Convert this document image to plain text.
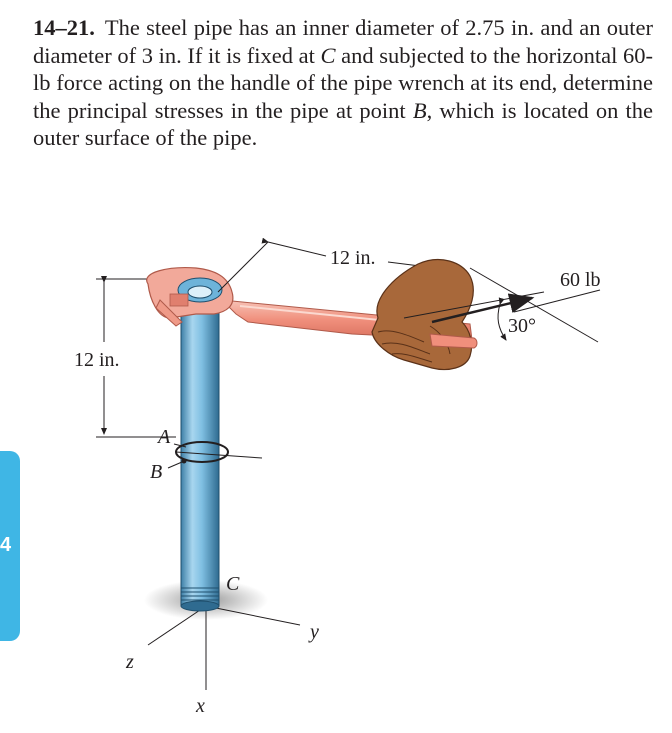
4
14–21. The steel pipe has an inner diameter of 2.75 in. and an outer diameter of 3 in. If it is fixed at C and subjected to the horizontal 60-lb force acting on the handle of the pipe wrench at its end, determine the principal stresses in the pipe at point B, which is located on the outer surface of the pipe.
x
y
z
12 in.
A
B
C
12 in.
60 lb
30°
